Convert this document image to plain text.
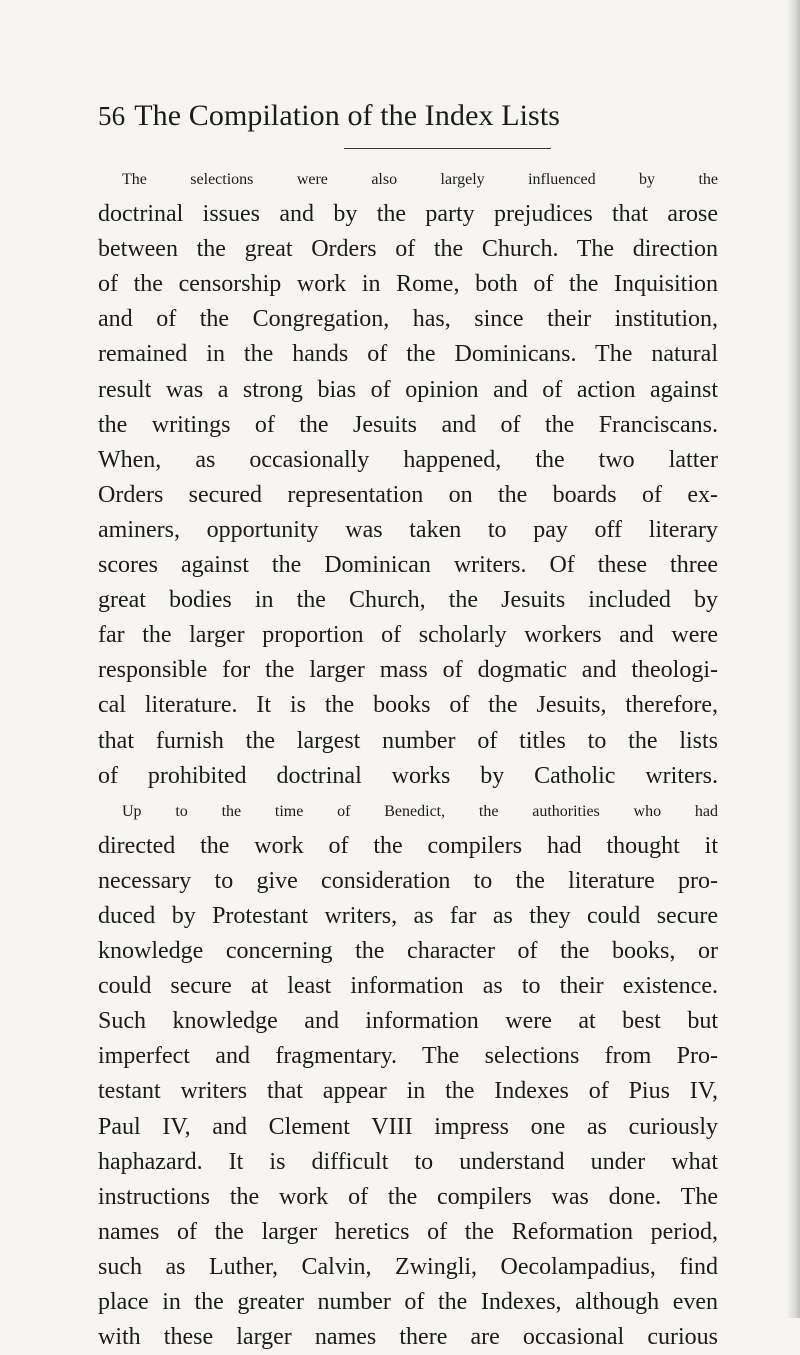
56 The Compilation of the Index Lists
The selections were also largely influenced by the
doctrinal issues and by the party prejudices that arose
between the great Orders of the Church. The direction
of the censorship work in Rome, both of the Inquisition
and of the Congregation, has, since their institution,
remained in the hands of the Dominicans. The natural
result was a strong bias of opinion and of action against
the writings of the Jesuits and of the Franciscans.
When, as occasionally happened, the two latter
Orders secured representation on the boards of ex-
aminers, opportunity was taken to pay off literary
scores against the Dominican writers. Of these three
great bodies in the Church, the Jesuits included by
far the larger proportion of scholarly workers and were
responsible for the larger mass of dogmatic and theologi-
cal literature. It is the books of the Jesuits, therefore,
that furnish the largest number of titles to the lists
of prohibited doctrinal works by Catholic writers.
Up to the time of Benedict, the authorities who had
directed the work of the compilers had thought it
necessary to give consideration to the literature pro-
duced by Protestant writers, as far as they could secure
knowledge concerning the character of the books, or
could secure at least information as to their existence.
Such knowledge and information were at best but
imperfect and fragmentary. The selections from Pro-
testant writers that appear in the Indexes of Pius IV,
Paul IV, and Clement VIII impress one as curiously
haphazard. It is difficult to understand under what
instructions the work of the compilers was done. The
names of the larger heretics of the Reformation period,
such as Luther, Calvin, Zwingli, Oecolampadius, find
place in the greater number of the Indexes, although even
with these larger names there are occasional curious
